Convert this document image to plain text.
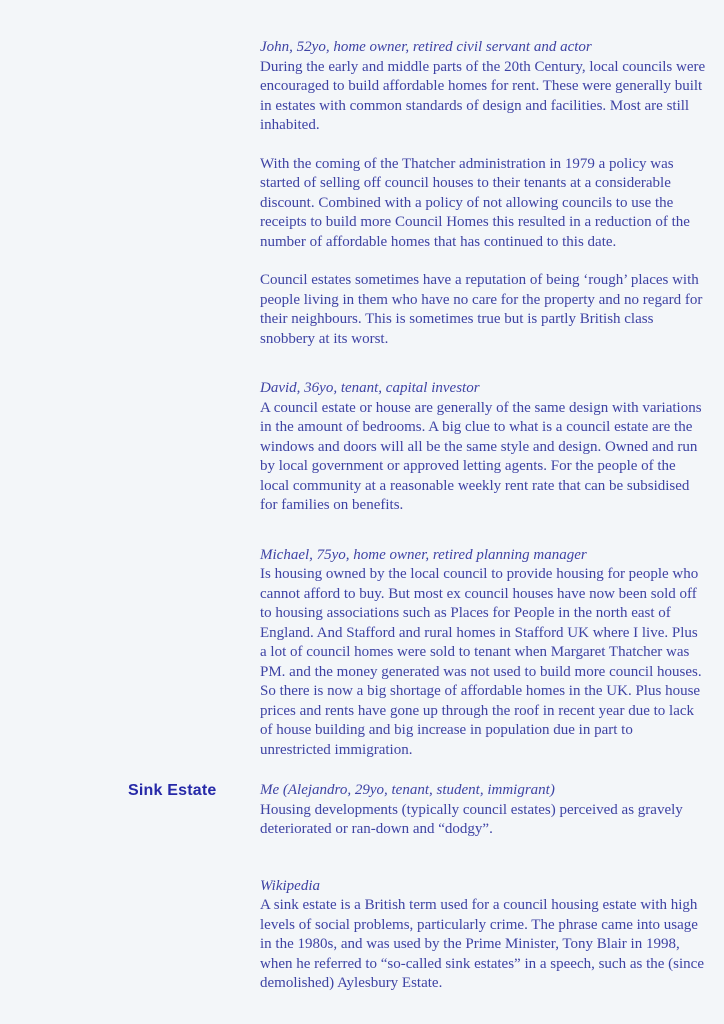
John, 52yo, home owner, retired civil servant and actor

During the early and middle parts of the 20th Century, local councils were encouraged to build affordable homes for rent. These were generally built in estates with common standards of design and facilities. Most are still inhabited.

With the coming of the Thatcher administration in 1979 a policy was started of selling off council houses to their tenants at a considerable discount. Combined with a policy of not allowing councils to use the receipts to build more Council Homes this resulted in a reduction of the number of affordable homes that has continued to this date.

Council estates sometimes have a reputation of being ‘rough’ places with people living in them who have no care for the property and no regard for their neighbours. This is sometimes true but is partly British class snobbery at its worst.

David, 36yo, tenant, capital investor

A council estate or house are generally of the same design with variations in the amount of bedrooms. A big clue to what is a council estate are the windows and doors will all be the same style and design. Owned and run by local government or approved letting agents. For the people of the local community at a reasonable weekly rent rate that can be subsidised for families on benefits.

Michael, 75yo, home owner, retired planning manager

Is housing owned by the local council to provide housing for people who cannot afford to buy. But most ex council houses have now been sold off to housing associations such as Places for People in the north east of England. And Stafford and rural homes in Stafford UK where I live. Plus a lot of council homes were sold to tenant when Margaret Thatcher was PM. and the money generated was not used to build more council houses. So there is now a big shortage of affordable homes in the UK. Plus house prices and rents have gone up through the roof in recent year due to lack of house building and big increase in population due in part to unrestricted immigration.

Sink Estate	Me (Alejandro, 29yo, tenant, student, immigrant)

Housing developments (typically council estates) perceived as gravely deteriorated or ran-down and “dodgy”.

Wikipedia

A sink estate is a British term used for a council housing estate with high levels of social problems, particularly crime. The phrase came into usage in the 1980s, and was used by the Prime Minister, Tony Blair in 1998, when he referred to “so-called sink estates” in a speech, such as the (since demolished) Aylesbury Estate.
